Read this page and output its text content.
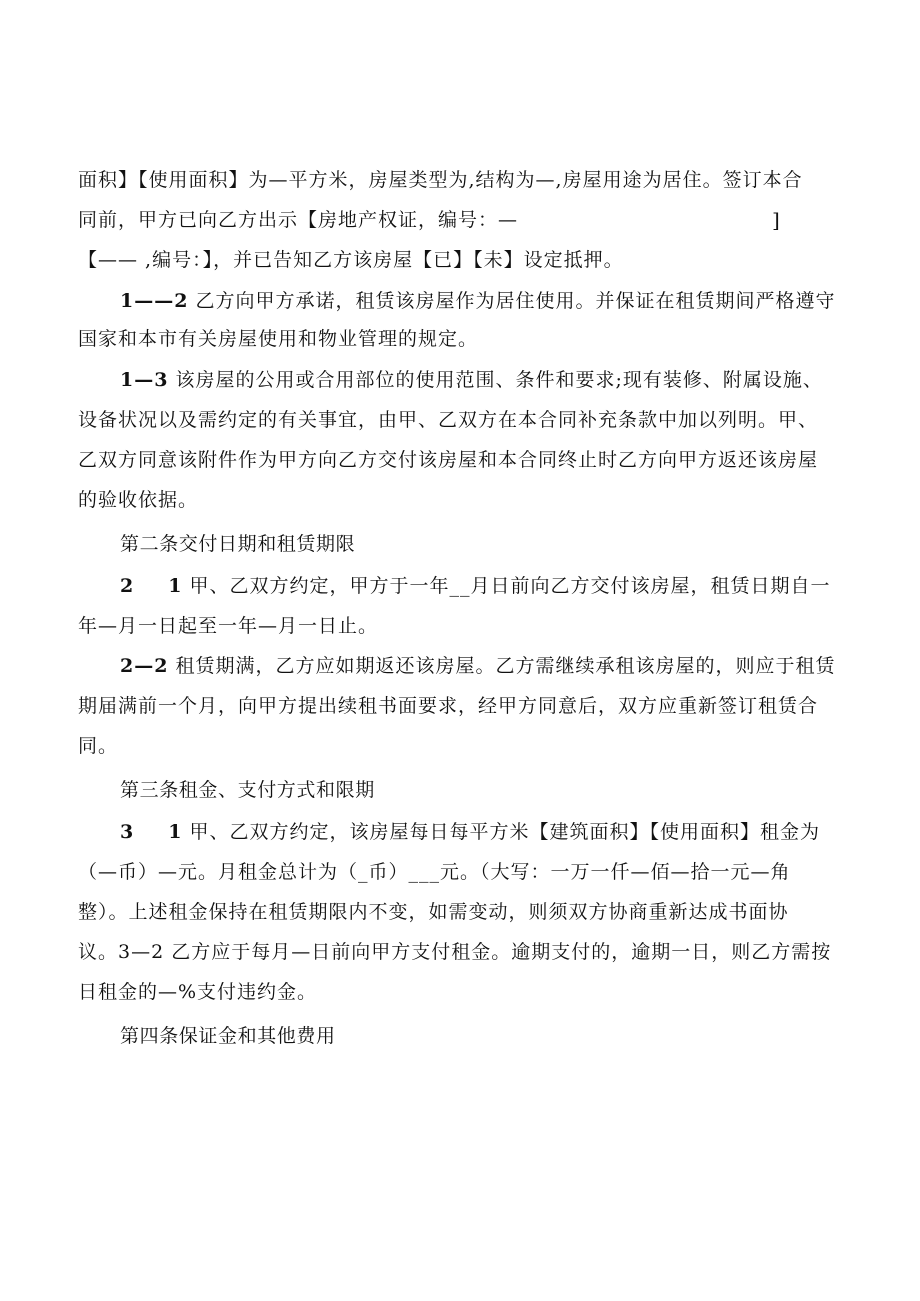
面积】【使用面积】为—平方米，房屋类型为,结构为—,房屋用途为居住。签订本合
同前，甲方已向乙方出示【房地产权证，编号：—	]
【—— ,编号：】，并已告知乙方该房屋【已】【未】设定抵押。
1——2 乙方向甲方承诺，租赁该房屋作为居住使用。并保证在租赁期间严格遵守
国家和本市有关房屋使用和物业管理的规定。
1—3 该房屋的公用或合用部位的使用范围、条件和要求;现有装修、附属设施、
设备状况以及需约定的有关事宜，由甲、乙双方在本合同补充条款中加以列明。甲、
乙双方同意该附件作为甲方向乙方交付该房屋和本合同终止时乙方向甲方返还该房屋
的验收依据。
第二条交付日期和租赁期限
2 1 甲、乙双方约定，甲方于一年__月日前向乙方交付该房屋，租赁日期自一
年—月一日起至一年—月一日止。
2—2 租赁期满，乙方应如期返还该房屋。乙方需继续承租该房屋的，则应于租赁
期届满前一个月，向甲方提出续租书面要求，经甲方同意后，双方应重新签订租赁合
同。
第三条租金、支付方式和限期
3 1 甲、乙双方约定，该房屋每日每平方米【建筑面积】【使用面积】租金为
（—币）—元。月租金总计为（_币）___元。（大写：一万一仟—佰—拾一元—角
整）。上述租金保持在租赁期限内不变，如需变动，则须双方协商重新达成书面协
议。3—2 乙方应于每月—日前向甲方支付租金。逾期支付的，逾期一日，则乙方需按
日租金的—%支付违约金。
第四条保证金和其他费用
